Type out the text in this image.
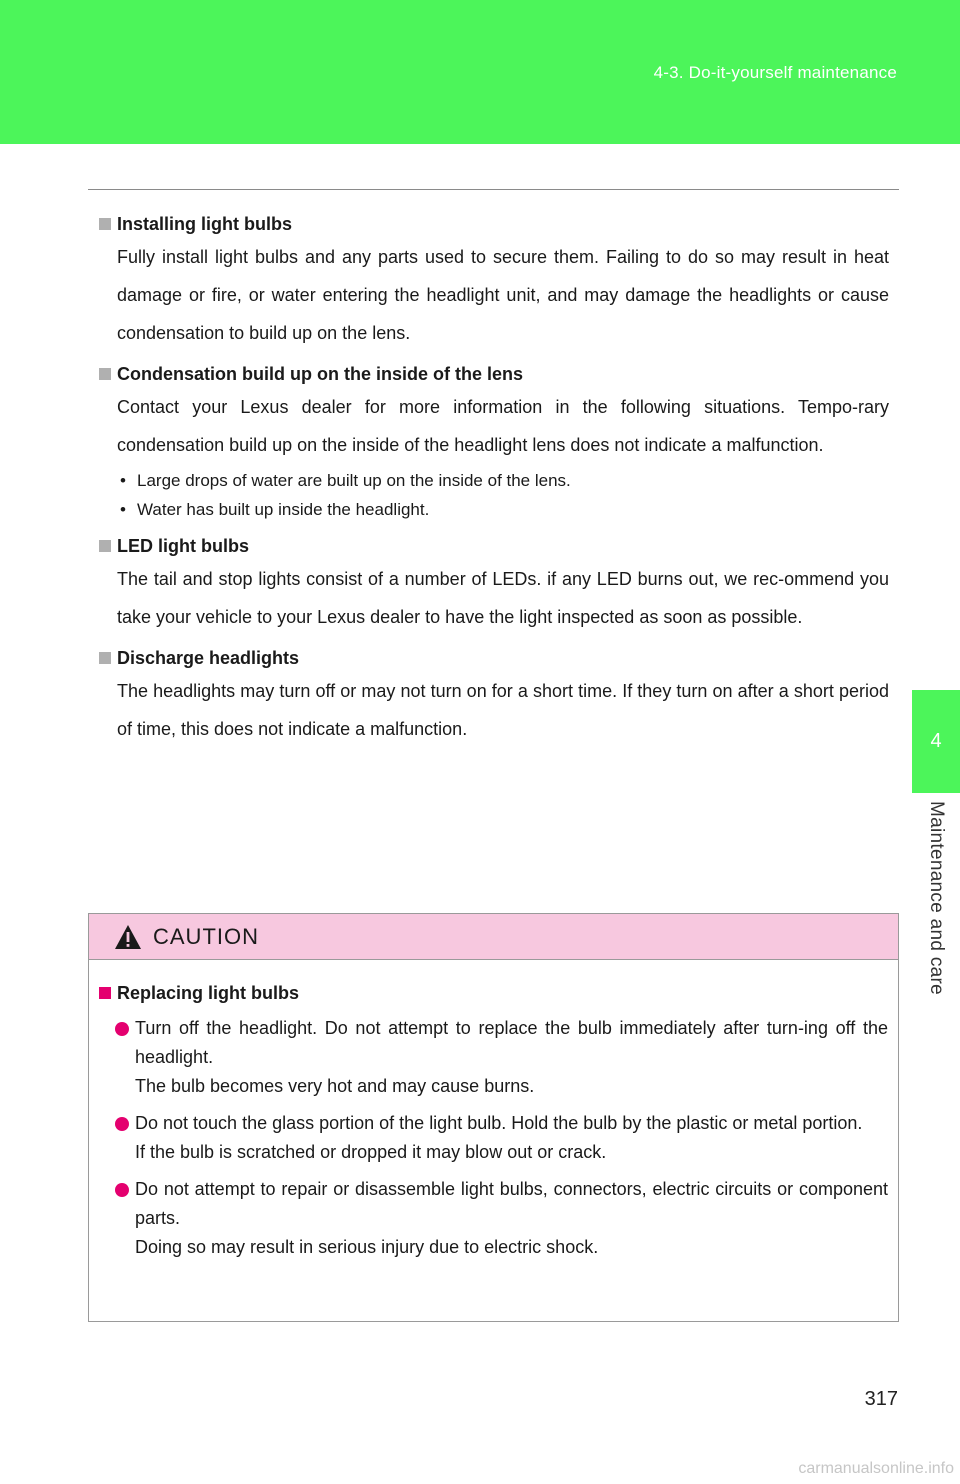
4-3. Do-it-yourself maintenance
4
Maintenance and care
Installing light bulbs
Fully install light bulbs and any parts used to secure them. Failing to do so may result in heat damage or fire, or water entering the headlight unit, and may damage the headlights or cause condensation to build up on the lens.
Condensation build up on the inside of the lens
Contact your Lexus dealer for more information in the following situations. Tempo-rary condensation build up on the inside of the headlight lens does not indicate a malfunction.
• Large drops of water are built up on the inside of the lens.
• Water has built up inside the headlight.
LED light bulbs
The tail and stop lights consist of a number of LEDs. if any LED burns out, we rec-ommend you take your vehicle to your Lexus dealer to have the light inspected as soon as possible.
Discharge headlights
The headlights may turn off or may not turn on for a short time. If they turn on after a short period of time, this does not indicate a malfunction.
CAUTION
Replacing light bulbs
Turn off the headlight. Do not attempt to replace the bulb immediately after turn-ing off the headlight.
The bulb becomes very hot and may cause burns.
Do not touch the glass portion of the light bulb. Hold the bulb by the plastic or metal portion.
If the bulb is scratched or dropped it may blow out or crack.
Do not attempt to repair or disassemble light bulbs, connectors, electric circuits or component parts.
Doing so may result in serious injury due to electric shock.
317
carmanualsonline.info
